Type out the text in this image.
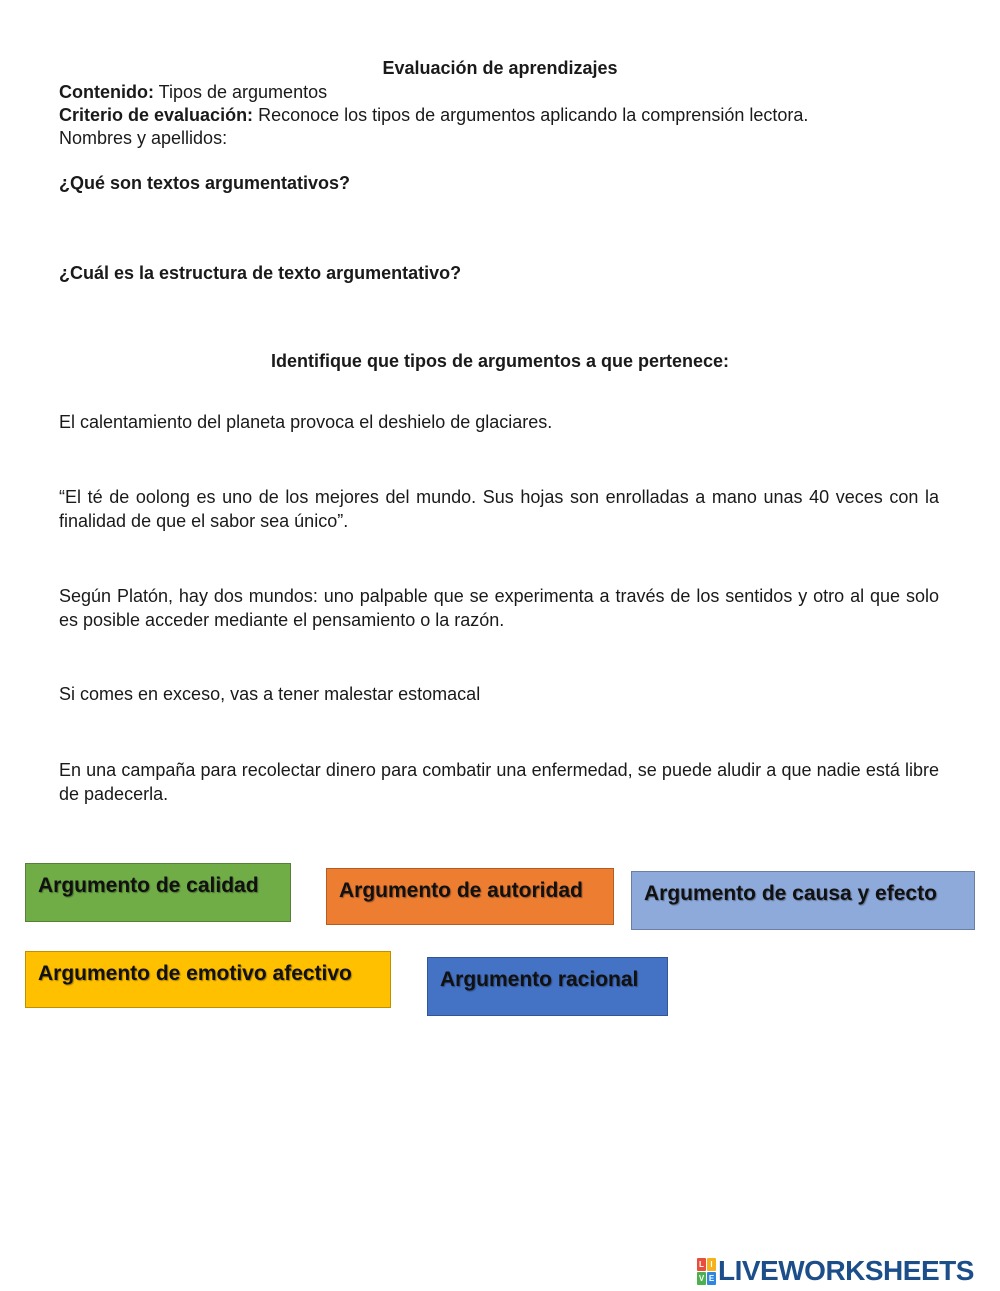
Evaluación de aprendizajes
Contenido: Tipos de argumentos
Criterio de evaluación: Reconoce los tipos de argumentos aplicando la comprensión lectora.
Nombres y apellidos:
¿Qué son textos argumentativos?
¿Cuál es la estructura de texto argumentativo?
Identifique que tipos de argumentos a que pertenece:
El calentamiento del planeta provoca el deshielo de glaciares.
“El té de oolong es uno de los mejores del mundo. Sus hojas son enrolladas a mano unas 40 veces con la finalidad de que el sabor sea único”.
Según Platón, hay dos mundos: uno palpable que se experimenta a través de los sentidos y otro al que solo es posible acceder mediante el pensamiento o la razón.
Si comes en exceso, vas a tener malestar estomacal
En una campaña para recolectar dinero para combatir una enfermedad, se puede aludir a que nadie está libre de padecerla.
Argumento de calidad	Argumento de autoridad	Argumento de causa y efecto
Argumento de emotivo afectivo	Argumento racional
L I
V E LIVEWORKSHEETS
